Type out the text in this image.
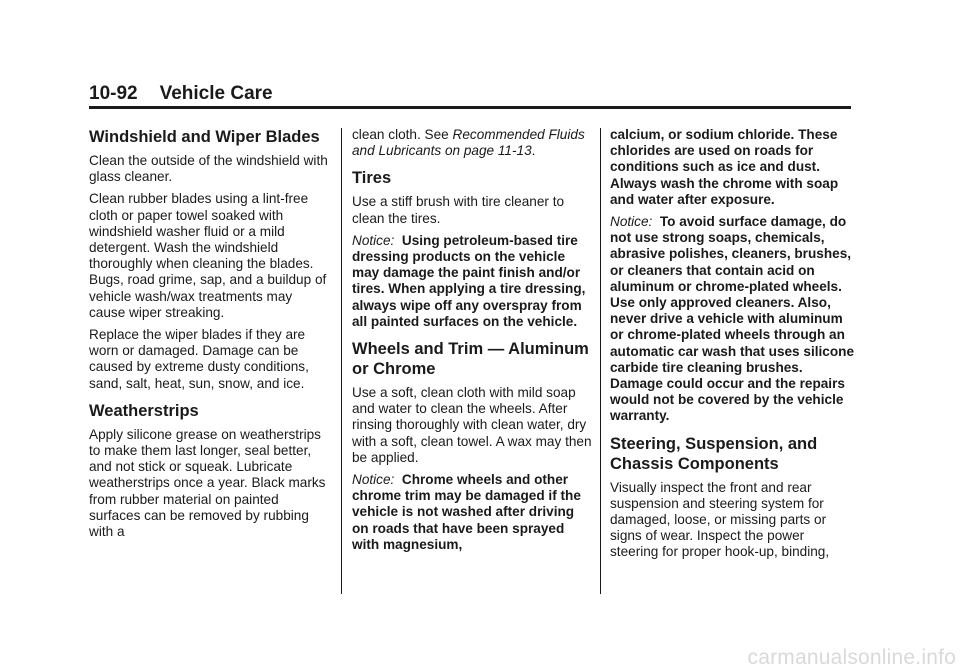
10-92 Vehicle Care
Windshield and Wiper Blades

Clean the outside of the windshield with glass cleaner.

Clean rubber blades using a lint-free cloth or paper towel soaked with windshield washer fluid or a mild detergent. Wash the windshield thoroughly when cleaning the blades. Bugs, road grime, sap, and a buildup of vehicle wash/wax treatments may cause wiper streaking.

Replace the wiper blades if they are worn or damaged. Damage can be caused by extreme dusty conditions, sand, salt, heat, sun, snow, and ice.

Weatherstrips

Apply silicone grease on weatherstrips to make them last longer, seal better, and not stick or squeak. Lubricate weatherstrips once a year. Black marks from rubber material on painted surfaces can be removed by rubbing with a

clean cloth. See Recommended Fluids and Lubricants on page 11-13.

Tires

Use a stiff brush with tire cleaner to clean the tires.

Notice: Using petroleum-based tire dressing products on the vehicle may damage the paint finish and/or tires. When applying a tire dressing, always wipe off any overspray from all painted surfaces on the vehicle.

Wheels and Trim — Aluminum or Chrome

Use a soft, clean cloth with mild soap and water to clean the wheels. After rinsing thoroughly with clean water, dry with a soft, clean towel. A wax may then be applied.

Notice: Chrome wheels and other chrome trim may be damaged if the vehicle is not washed after driving on roads that have been sprayed with magnesium,

calcium, or sodium chloride. These chlorides are used on roads for conditions such as ice and dust. Always wash the chrome with soap and water after exposure.

Notice: To avoid surface damage, do not use strong soaps, chemicals, abrasive polishes, cleaners, brushes, or cleaners that contain acid on aluminum or chrome-plated wheels. Use only approved cleaners. Also, never drive a vehicle with aluminum or chrome-plated wheels through an automatic car wash that uses silicone carbide tire cleaning brushes. Damage could occur and the repairs would not be covered by the vehicle warranty.

Steering, Suspension, and Chassis Components

Visually inspect the front and rear suspension and steering system for damaged, loose, or missing parts or signs of wear. Inspect the power steering for proper hook-up, binding,

carmanualsonline.info
